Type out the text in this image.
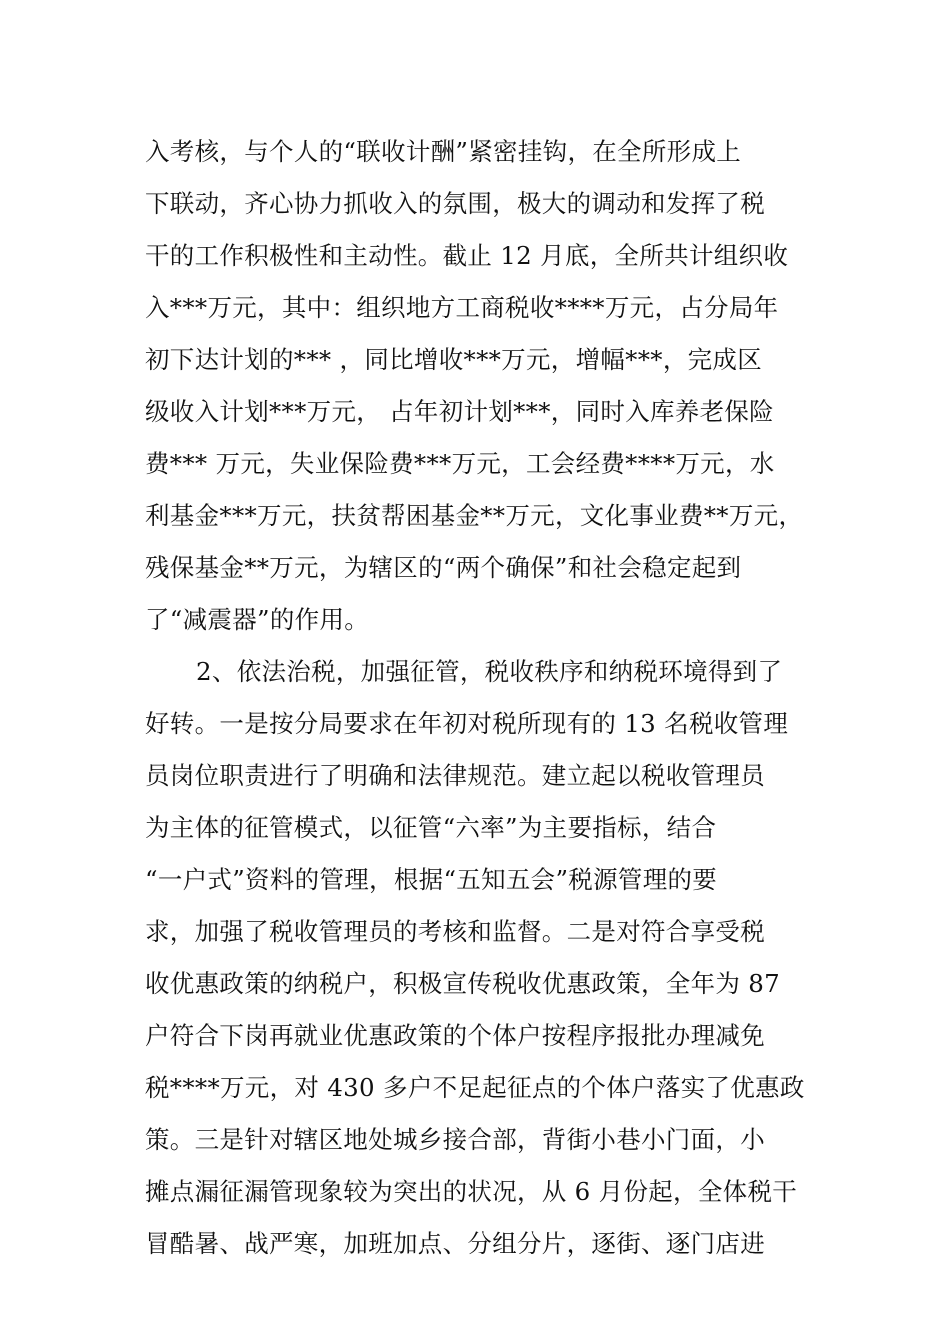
入考核，与个人的“联收计酬”紧密挂钩，在全所形成上
下联动，齐心协力抓收入的氛围，极大的调动和发挥了税
干的工作积极性和主动性。截止 12 月底，全所共计组织收
入***万元，其中：组织地方工商税收****万元，占分局年
初下达计划的*** ，同比增收***万元，增幅***，完成区
级收入计划***万元， 占年初计划***，同时入库养老保险
费*** 万元，失业保险费***万元，工会经费****万元，水
利基金***万元，扶贫帮困基金**万元，文化事业费**万元，
残保基金**万元，为辖区的“两个确保”和社会稳定起到
了“减震器”的作用。
2、依法治税，加强征管，税收秩序和纳税环境得到了
好转。一是按分局要求在年初对税所现有的 13 名税收管理
员岗位职责进行了明确和法律规范。建立起以税收管理员
为主体的征管模式，以征管“六率”为主要指标，结合
“一户式”资料的管理，根据“五知五会”税源管理的要
求，加强了税收管理员的考核和监督。二是对符合享受税
收优惠政策的纳税户，积极宣传税收优惠政策，全年为 87
户符合下岗再就业优惠政策的个体户按程序报批办理减免
税****万元，对 430 多户不足起征点的个体户落实了优惠政
策。三是针对辖区地处城乡接合部，背街小巷小门面，小
摊点漏征漏管现象较为突出的状况，从 6 月份起，全体税干
冒酷暑、战严寒，加班加点、分组分片，逐街、逐门店进
